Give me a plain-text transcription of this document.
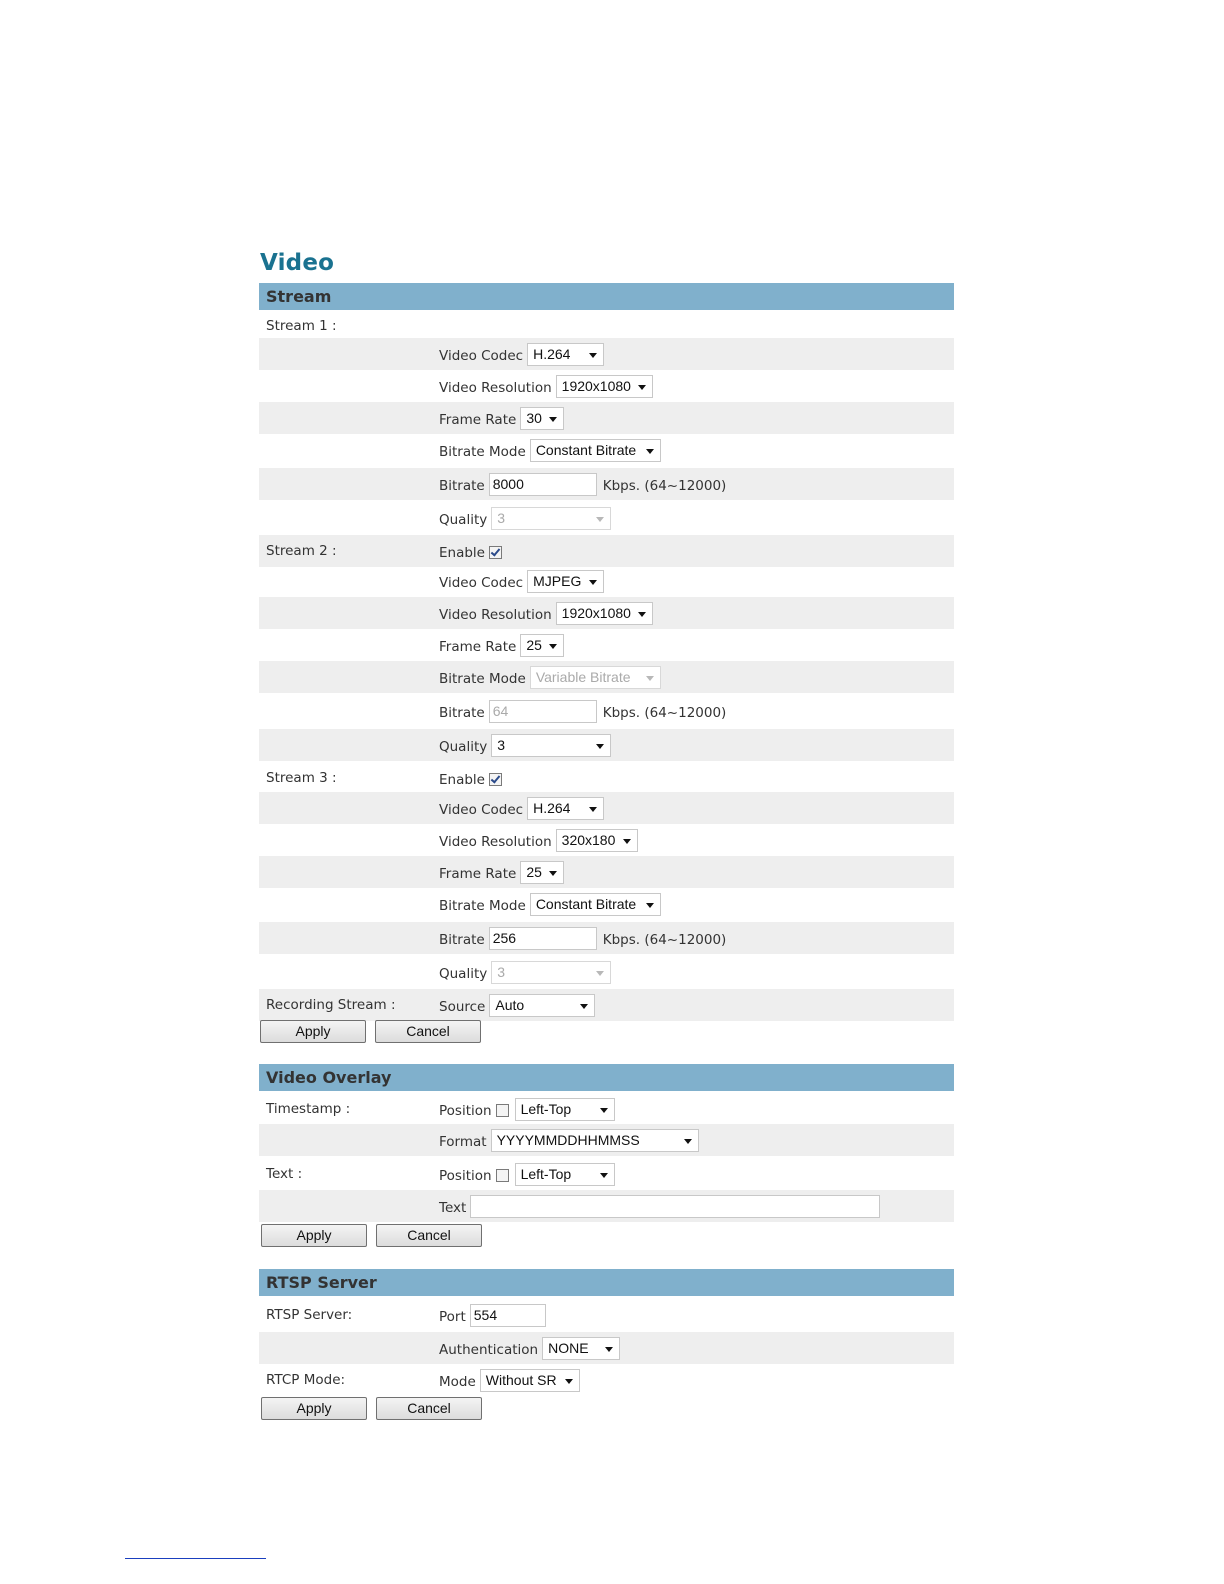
Video
Stream
Stream 1 :
Video Codec H.264
Video Resolution 1920x1080
Frame Rate 30
Bitrate Mode Constant Bitrate
Bitrate 8000	Kbps. (64~12000)
Quality 3
Stream 2 :	Enable
Video Codec MJPEG
Video Resolution 1920x1080
Frame Rate 25
Bitrate Mode Variable Bitrate
Bitrate 64	Kbps. (64~12000)
Quality 3
Stream 3 :	Enable
Video Codec H.264
Video Resolution 320x180
Frame Rate 25
Bitrate Mode Constant Bitrate
Bitrate 256	Kbps. (64~12000)
Quality 3
Recording Stream :	Source Auto
Apply	Cancel
Video Overlay
Timestamp :	Position	Left-Top
Format YYYYMMDDHHMMSS
Text :	Position	Left-Top
Text
Apply	Cancel
RTSP Server
RTSP Server:	Port 554
Authentication NONE
RTCP Mode:	Mode Without SR
Apply	Cancel
